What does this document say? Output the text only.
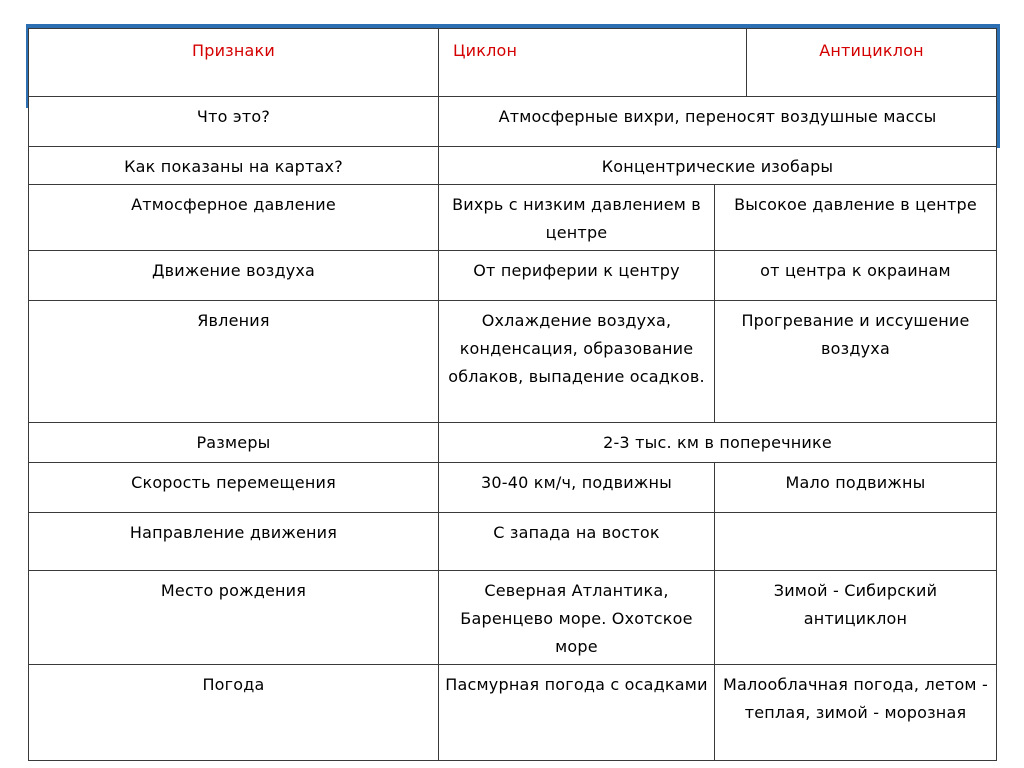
Признаки	Циклон		Антициклон
Что это?	Атмосферные вихри, переносят воздушные массы		
Как показаны на картах?	Концентрические изобары		
Атмосферное давление	Вихрь с низким давлением в центре	Высокое давление в центре	
Движение воздуха	От периферии к центру	от центра к окраинам	
Явления	Охлаждение воздуха, конденсация, образование облаков, выпадение осадков.	Прогревание и иссушение воздуха	
Размеры	2-3 тыс. км в поперечнике		
Скорость перемещения	30-40 км/ч, подвижны	Мало подвижны	
Направление движения	С запада на восток		
Место рождения	Северная Атлантика, Баренцево море. Охотское море	Зимой - Сибирский антициклон	
Погода	Пасмурная погода с осадками	Малооблачная погода, летом - теплая, зимой - морозная	
